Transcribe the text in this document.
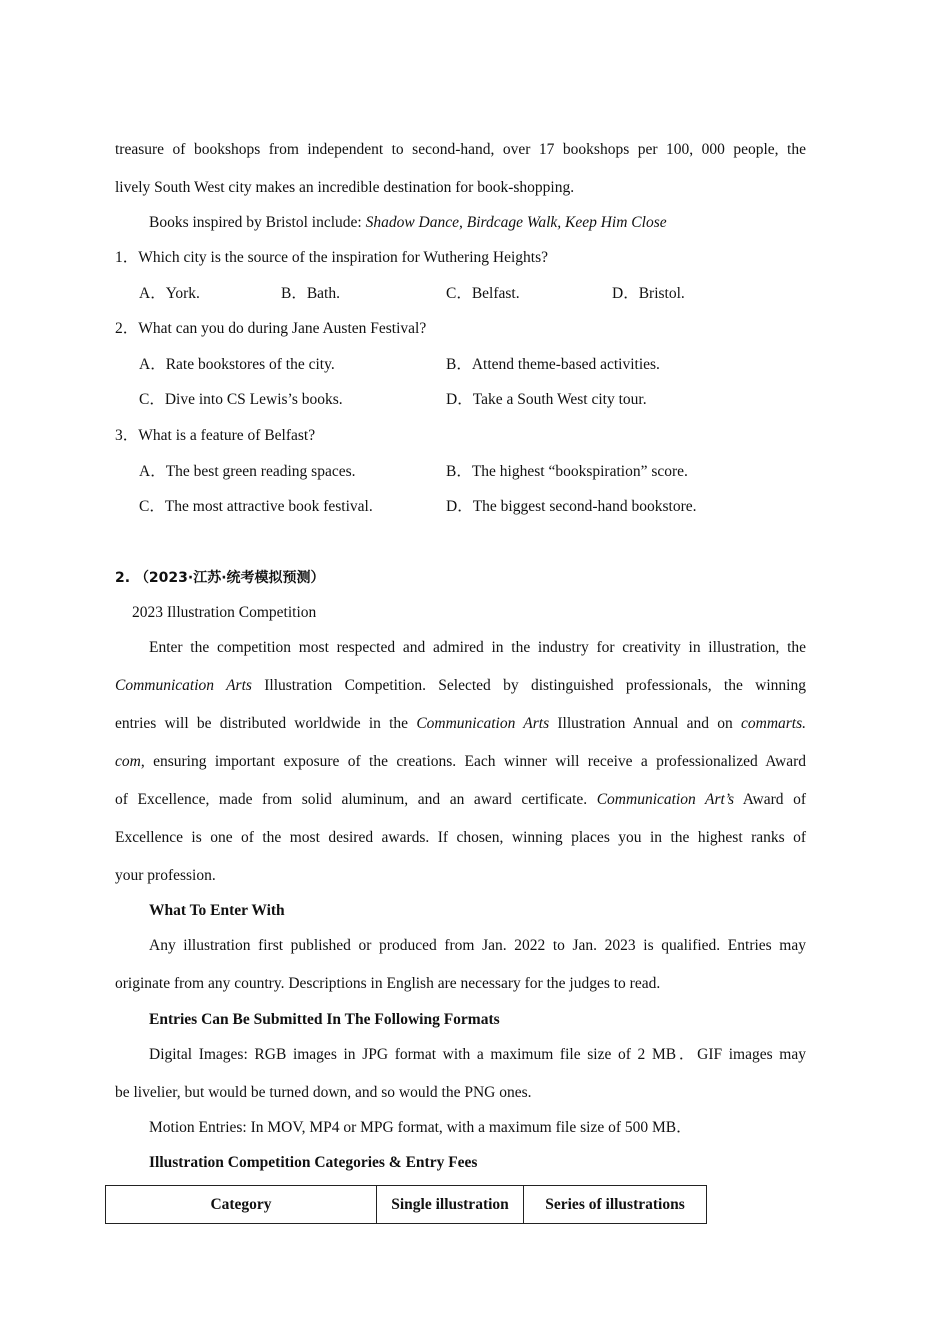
treasure of bookshops from independent to second-hand, over 17 bookshops per 100, 000 people, the
lively South West city makes an incredible destination for book-shopping.
Books inspired by Bristol include: Shadow Dance, Birdcage Walk, Keep Him Close
1．Which city is the source of the inspiration for Wuthering Heights?
A．York.	B．Bath.	C．Belfast.	D．Bristol.
2．What can you do during Jane Austen Festival?
A．Rate bookstores of the city.	B．Attend theme-based activities.
C．Dive into CS Lewis’s books.	D．Take a South West city tour.
3．What is a feature of Belfast?
A．The best green reading spaces.	B．The highest “bookspiration” score.
C．The most attractive book festival.	D．The biggest second-hand bookstore.
2. （2023·江苏·统考模拟预测）
2023 Illustration Competition
Enter the competition most respected and admired in the industry for creativity in illustration, the
Communication Arts Illustration Competition. Selected by distinguished professionals, the winning
entries will be distributed worldwide in the Communication Arts Illustration Annual and on commarts.
com, ensuring important exposure of the creations. Each winner will receive a professionalized Award
of Excellence, made from solid aluminum, and an award certificate. Communication Art’s Award of
Excellence is one of the most desired awards. If chosen, winning places you in the highest ranks of
your profession.
What To Enter With
Any illustration first published or produced from Jan. 2022 to Jan. 2023 is qualified. Entries may
originate from any country. Descriptions in English are necessary for the judges to read.
Entries Can Be Submitted In The Following Formats
Digital Images: RGB images in JPG format with a maximum file size of 2 MB．GIF images may
be livelier, but would be turned down, and so would the PNG ones.
Motion Entries: In MOV, MP4 or MPG format, with a maximum file size of 500 MB．
Illustration Competition Categories & Entry Fees
Category	Single illustration	Series of illustrations
